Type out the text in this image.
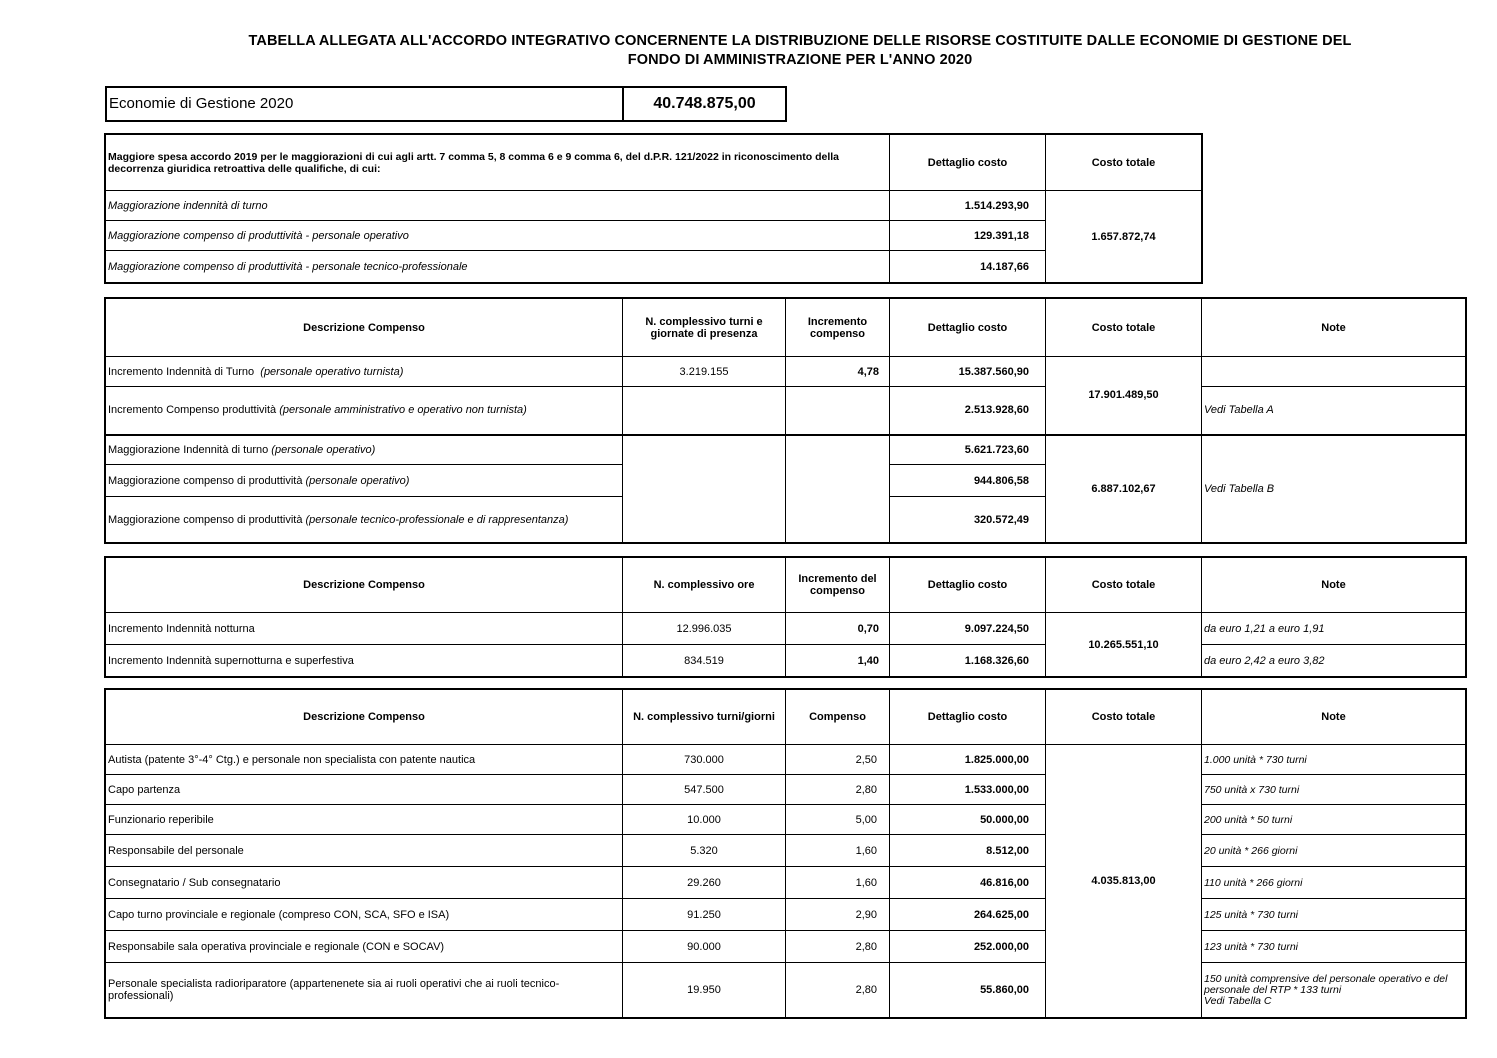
TABELLA ALLEGATA ALL'ACCORDO INTEGRATIVO CONCERNENTE LA DISTRIBUZIONE DELLE RISORSE COSTITUITE DALLE ECONOMIE DI GESTIONE DEL
FONDO DI AMMINISTRAZIONE PER L'ANNO 2020
Economie di Gestione 2020	40.748.875,00
Maggiore spesa accordo 2019 per le maggiorazioni di cui agli artt. 7 comma 5, 8 comma 6 e 9 comma 6, del d.P.R. 121/2022 in riconoscimento della decorrenza giuridica retroattiva delle qualifiche, di cui:	Dettaglio costo	Costo totale
Maggiorazione indennità di turno	1.514.293,90	1.657.872,74
Maggiorazione compenso di produttività - personale operativo	129.391,18	
Maggiorazione compenso di produttività - personale tecnico-professionale	14.187,66	
Descrizione Compenso	N. complessivo turni e giornate di presenza	Incremento compenso	Dettaglio costo	Costo totale	Note
Incremento Indennità di Turno (personale operativo turnista)	3.219.155	4,78	15.387.560,90	17.901.489,50	
Incremento Compenso produttività (personale amministrativo e operativo non turnista)			2.513.928,60		Vedi Tabella A
Maggiorazione Indennità di turno (personale operativo)			5.621.723,60	6.887.102,67	Vedi Tabella B
Maggiorazione compenso di produttività (personale operativo)			944.806,58		
Maggiorazione compenso di produttività (personale tecnico-professionale e di rappresentanza)			320.572,49		
Descrizione Compenso	N. complessivo ore	Incremento del compenso	Dettaglio costo	Costo totale	Note
Incremento Indennità notturna	12.996.035	0,70	9.097.224,50	10.265.551,10	da euro 1,21 a euro 1,91
Incremento Indennità supernotturna e superfestiva	834.519	1,40	1.168.326,60		da euro 2,42 a euro 3,82
Descrizione Compenso	N. complessivo turni/giorni	Compenso	Dettaglio costo	Costo totale	Note
Autista (patente 3°-4° Ctg.) e personale non specialista con patente nautica	730.000	2,50	1.825.000,00	4.035.813,00	1.000 unità * 730 turni
Capo partenza	547.500	2,80	1.533.000,00		750 unità x 730 turni
Funzionario reperibile	10.000	5,00	50.000,00		200 unità * 50 turni
Responsabile del personale	5.320	1,60	8.512,00		20 unità * 266 giorni
Consegnatario / Sub consegnatario	29.260	1,60	46.816,00		110 unità * 266 giorni
Capo turno provinciale e regionale (compreso CON, SCA, SFO e ISA)	91.250	2,90	264.625,00		125 unità * 730 turni
Responsabile sala operativa provinciale e regionale (CON e SOCAV)	90.000	2,80	252.000,00		123 unità * 730 turni
Personale specialista radioriparatore (appartenenete sia ai ruoli operativi che ai ruoli tecnico-professionali)	19.950	2,80	55.860,00		150 unità comprensive del personale operativo e del personale del RTP * 133 turni
Vedi Tabella C
